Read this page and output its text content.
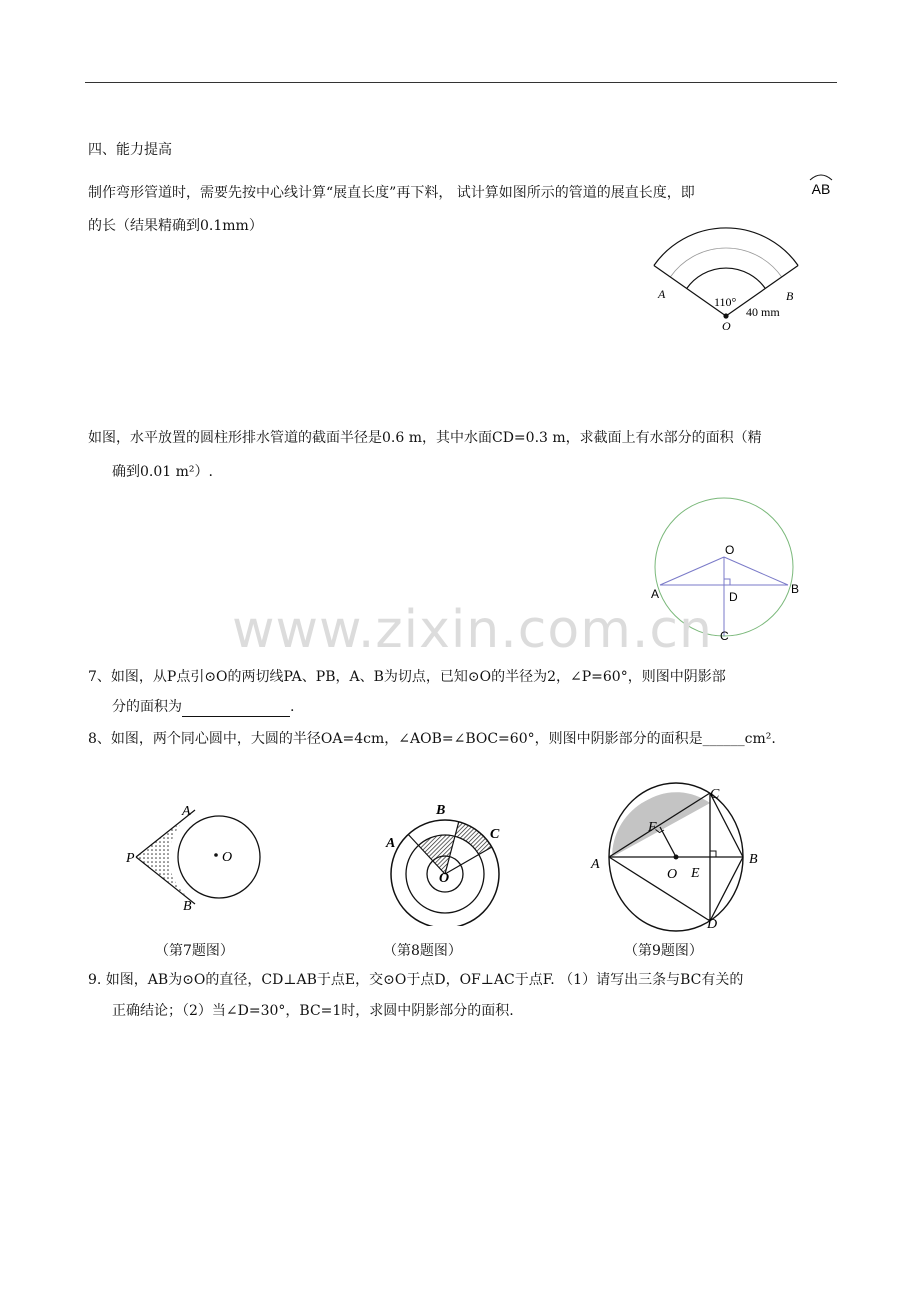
四、能力提高
制作弯形管道时，需要先按中心线计算“展直长度”再下料， 试计算如图所示的管道的展直长度，即	AB
的长（结果精确到0.1mm）
A	B
110°
40 mm
O
如图，水平放置的圆柱形排水管道的截面半径是0.6 m，其中水面CD=0.3 m，求截面上有水部分的面积（精
确到0.01 m²）.
O
A	B
D
C
www.zixin.com.cn
7、如图，从P点引⊙O的两切线PA、PB，A、B为切点，已知⊙O的半径为2，∠P=60°，则图中阴影部
分的面积为	.
8、如图，两个同心圆中，大圆的半径OA=4cm，∠AOB=∠BOC=60°，则图中阴影部分的面积是______cm².
P
A
B
O
A
B
C
O
A	B
C
D
E
F
O
（第7题图）	（第8题图）	（第9题图）
9. 如图，AB为⊙O的直径，CD⊥AB于点E，交⊙O于点D，OF⊥AC于点F. （1）请写出三条与BC有关的
正确结论；（2）当∠D=30°，BC=1时，求圆中阴影部分的面积.
